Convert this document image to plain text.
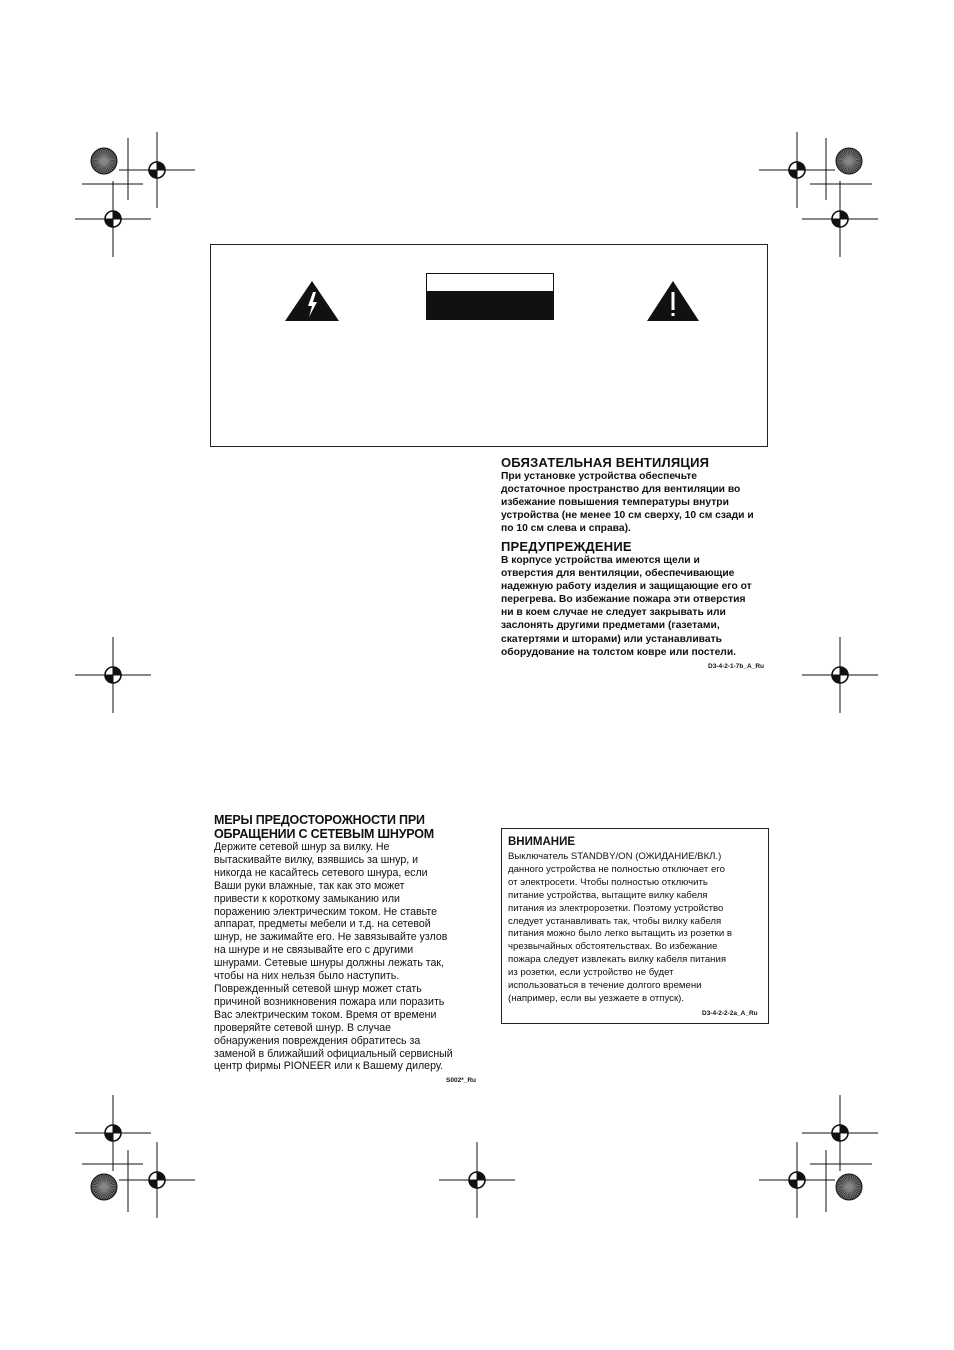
ОБЯЗАТЕЛЬНАЯ ВЕНТИЛЯЦИЯ
При установке устройства обеспечьте
достаточное пространство для вентиляции во
избежание повышения температуры внутри
устройства (не менее 10 см сверху, 10 см сзади и
по 10 см слева и справа).
ПРЕДУПРЕЖДЕНИЕ
В корпусе устройства имеются щели и
отверстия для вентиляции, обеспечивающие
надежную работу изделия и защищающие его от
перегрева. Во избежание пожара эти отверстия
ни в коем случае не следует закрывать или
заслонять другими предметами (газетами,
скатертями и шторами) или устанавливать
оборудование на толстом ковре или постели.
D3-4-2-1-7b_A_Ru
МЕРЫ ПРЕДОСТОРОЖНОСТИ ПРИ
ОБРАЩЕНИИ С СЕТЕВЫМ ШНУРОМ
Держите сетевой шнур за вилку. Не
вытаскивайте вилку, взявшись за шнур, и
никогда не касайтесь сетевого шнура, если
Ваши руки влажные, так как это может
привести к короткому замыканию или
поражению электрическим током. Не ставьте
аппарат, предметы мебели и т.д. на сетевой
шнур, не зажимайте его. Не завязывайте узлов
на шнуре и не связывайте его с другими
шнурами. Сетевые шнуры должны лежать так,
чтобы на них нельзя было наступить.
Поврежденный сетевой шнур может стать
причиной возникновения пожара или поразить
Вас электрическим током. Время от времени
проверяйте сетевой шнур. В случае
обнаружения повреждения обратитесь за
заменой в ближайший официальный сервисный
центр фирмы PIONEER или к Вашему дилеру.
S002*_Ru
ВНИМАНИЕ
Выключатель STANDBY/ON (ОЖИДАНИЕ/ВКЛ.)
данного устройства не полностью отключает его
от электросети. Чтобы полностью отключить
питание устройства, вытащите вилку кабеля
питания из электророзетки. Поэтому устройство
следует устанавливать так, чтобы вилку кабеля
питания можно было легко вытащить из розетки в
чрезвычайных обстоятельствах. Во избежание
пожара следует извлекать вилку кабеля питания
из розетки, если устройство не будет
использоваться в течение долгого времени
(например, если вы уезжаете в отпуск).
D3-4-2-2-2a_A_Ru
